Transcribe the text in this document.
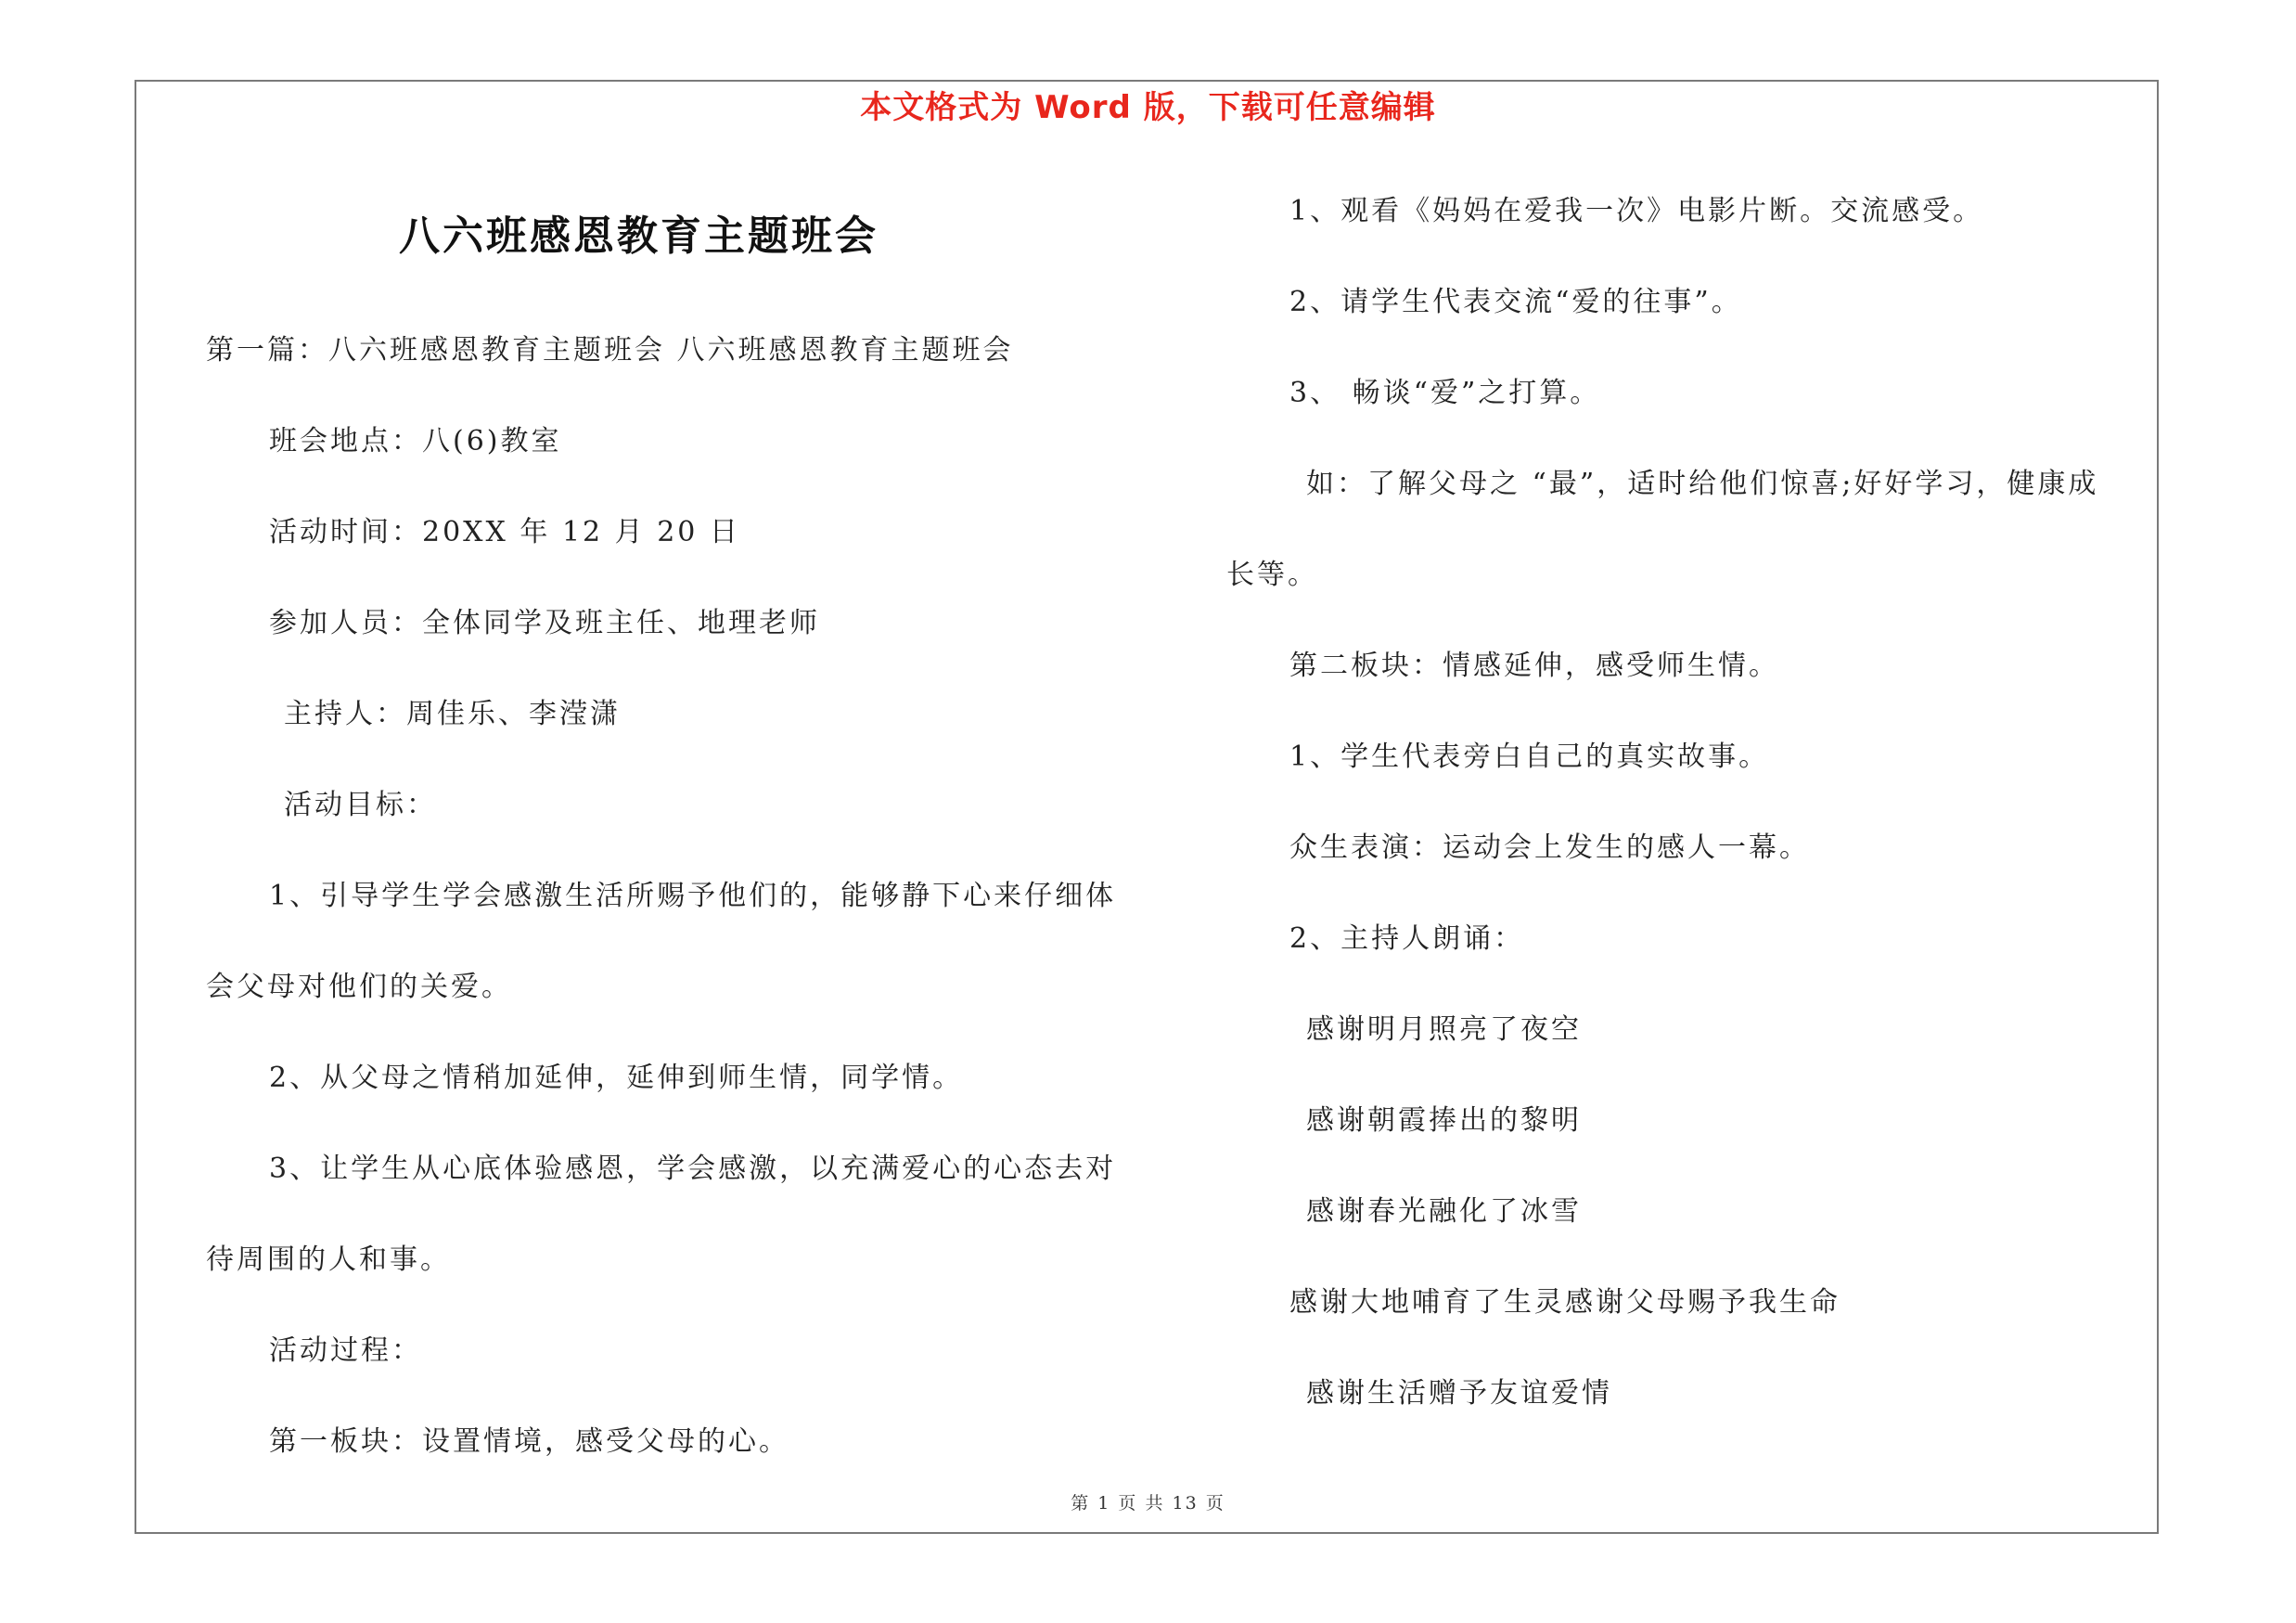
本文格式为 Word 版，下载可任意编辑
八六班感恩教育主题班会
第一篇：八六班感恩教育主题班会 八六班感恩教育主题班会
班会地点：八(6)教室
活动时间：20XX 年 12 月 20 日
参加人员：全体同学及班主任、地理老师
主持人：周佳乐、李滢潇
活动目标：
1、引导学生学会感激生活所赐予他们的，能够静下心来仔细体
会父母对他们的关爱。
2、从父母之情稍加延伸，延伸到师生情，同学情。
3、让学生从心底体验感恩，学会感激，以充满爱心的心态去对
待周围的人和事。
活动过程：
第一板块：设置情境，感受父母的心。
1、观看《妈妈在爱我一次》电影片断。交流感受。
2、请学生代表交流“爱的往事”。
3、 畅谈“爱”之打算。
如：了解父母之 “最”，适时给他们惊喜;好好学习，健康成
长等。
第二板块：情感延伸，感受师生情。
1、学生代表旁白自己的真实故事。
众生表演：运动会上发生的感人一幕。
2、主持人朗诵：
感谢明月照亮了夜空
感谢朝霞捧出的黎明
感谢春光融化了冰雪
感谢大地哺育了生灵感谢父母赐予我生命
感谢生活赠予友谊爱情
第 1 页 共 13 页
